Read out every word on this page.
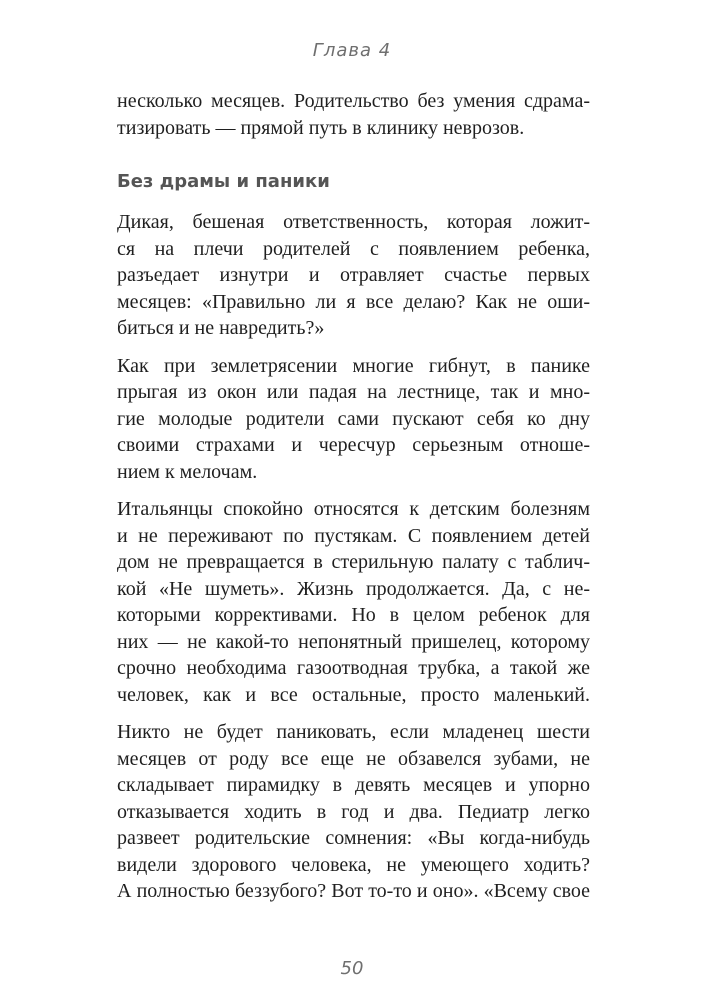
Глава 4
несколько месяцев. Родительство без умения сдрама-
тизировать — прямой путь в клинику неврозов.
Без драмы и паники
Дикая, бешеная ответственность, которая ложит-
ся на плечи родителей с появлением ребенка,
разъедает изнутри и отравляет счастье первых
месяцев: «Правильно ли я все делаю? Как не оши-
биться и не навредить?»
Как при землетрясении многие гибнут, в панике
прыгая из окон или падая на лестнице, так и мно-
гие молодые родители сами пускают себя ко дну
своими страхами и чересчур серьезным отноше-
нием к мелочам.
Итальянцы спокойно относятся к детским болезням
и не переживают по пустякам. С появлением детей
дом не превращается в стерильную палату с таблич-
кой «Не шуметь». Жизнь продолжается. Да, с не-
которыми коррективами. Но в целом ребенок для
них — не какой-то непонятный пришелец, которому
срочно необходима газоотводная трубка, а такой же
человек, как и все остальные, просто маленький.
Никто не будет паниковать, если младенец шести
месяцев от роду все еще не обзавелся зубами, не
складывает пирамидку в девять месяцев и упорно
отказывается ходить в год и два. Педиатр легко
развеет родительские сомнения: «Вы когда-нибудь
видели здорового человека, не умеющего ходить?
А полностью беззубого? Вот то-то и оно». «Всему свое
50
